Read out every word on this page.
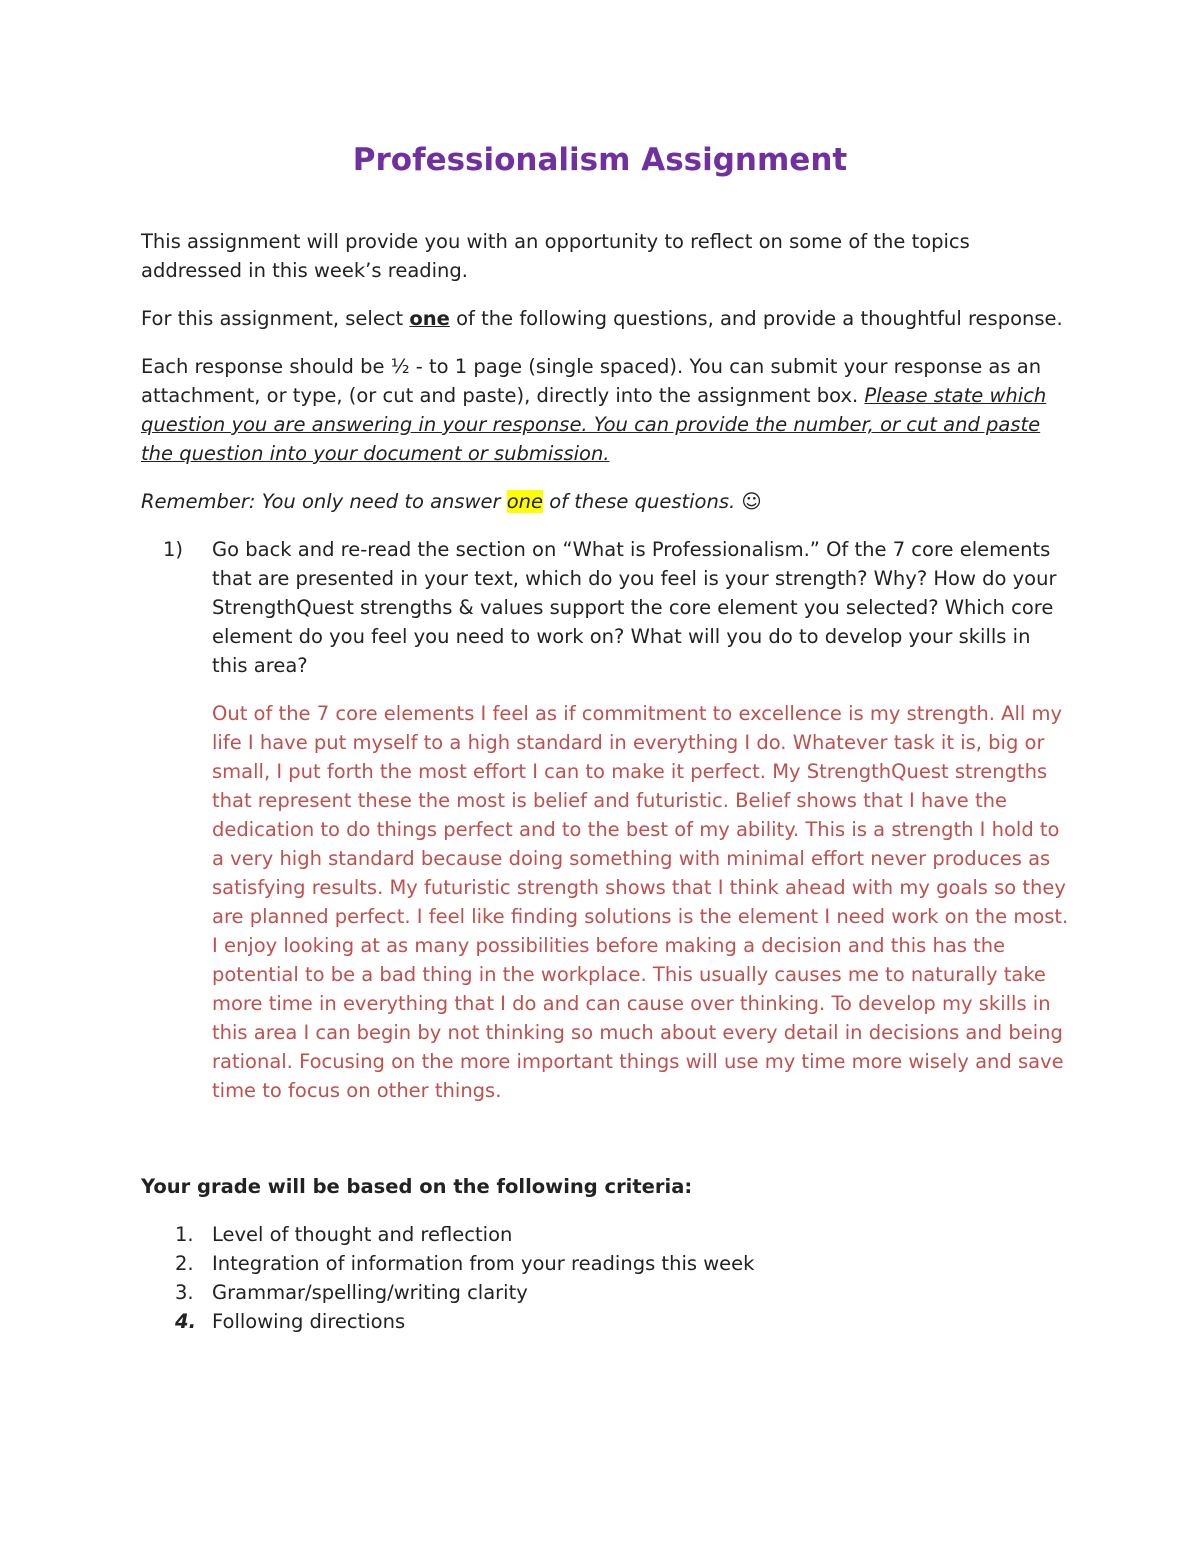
Professionalism Assignment

This assignment will provide you with an opportunity to reflect on some of the topics addressed in this week’s reading.

For this assignment, select one of the following questions, and provide a thoughtful response.

Each response should be ½ - to 1 page (single spaced). You can submit your response as an attachment, or type, (or cut and paste), directly into the assignment box. Please state which question you are answering in your response. You can provide the number, or cut and paste the question into your document or submission.

Remember: You only need to answer one of these questions. ☺

1) Go back and re-read the section on “What is Professionalism.” Of the 7 core elements that are presented in your text, which do you feel is your strength? Why? How do your StrengthQuest strengths & values support the core element you selected? Which core element do you feel you need to work on? What will you do to develop your skills in this area?

Out of the 7 core elements I feel as if commitment to excellence is my strength. All my life I have put myself to a high standard in everything I do. Whatever task it is, big or small, I put forth the most effort I can to make it perfect. My StrengthQuest strengths that represent these the most is belief and futuristic. Belief shows that I have the dedication to do things perfect and to the best of my ability. This is a strength I hold to a very high standard because doing something with minimal effort never produces as satisfying results. My futuristic strength shows that I think ahead with my goals so they are planned perfect. I feel like finding solutions is the element I need work on the most. I enjoy looking at as many possibilities before making a decision and this has the potential to be a bad thing in the workplace. This usually causes me to naturally take more time in everything that I do and can cause over thinking. To develop my skills in this area I can begin by not thinking so much about every detail in decisions and being rational. Focusing on the more important things will use my time more wisely and save time to focus on other things.

Your grade will be based on the following criteria:

1. Level of thought and reflection
2. Integration of information from your readings this week
3. Grammar/spelling/writing clarity
4. Following directions
